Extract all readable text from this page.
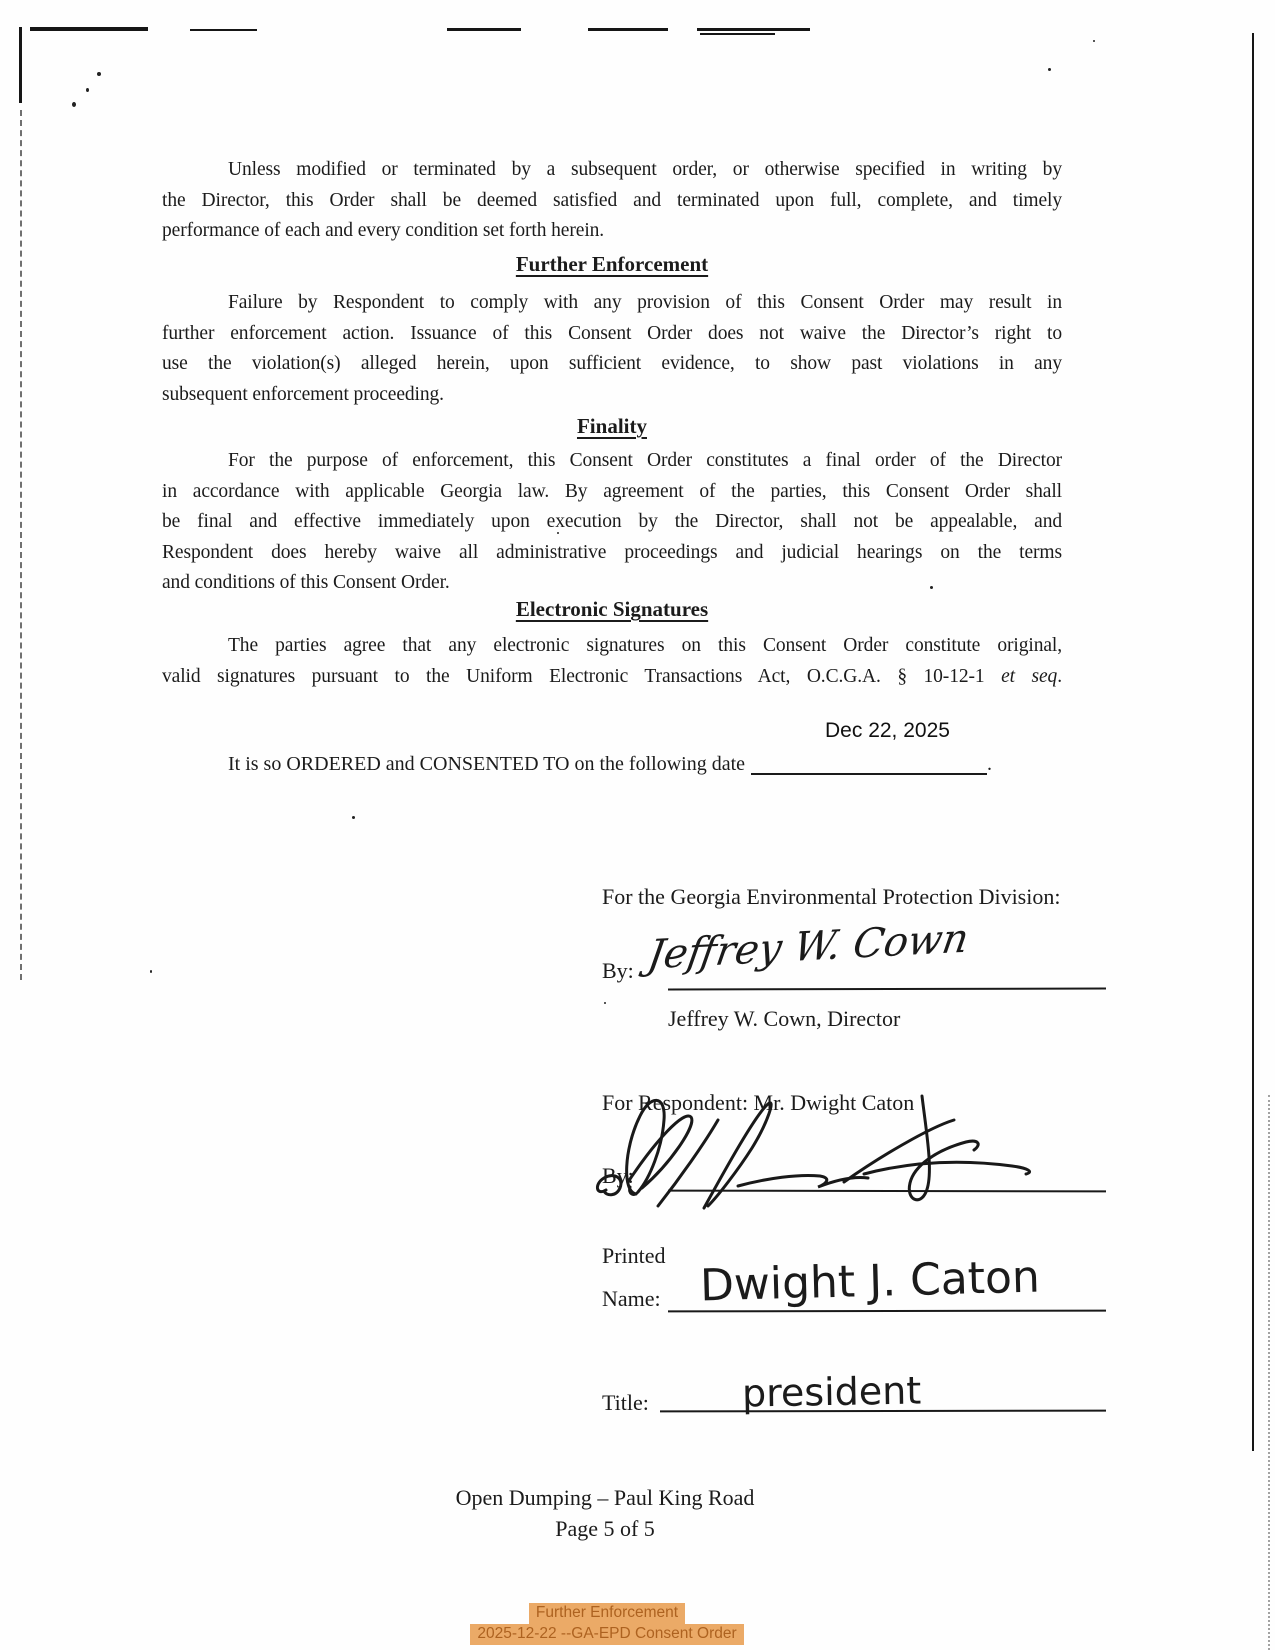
Unless modified or terminated by a subsequent order, or otherwise specified in writing by
the Director, this Order shall be deemed satisfied and terminated upon full, complete, and timely
performance of each and every condition set forth herein.
Further Enforcement
Failure by Respondent to comply with any provision of this Consent Order may result in
further enforcement action. Issuance of this Consent Order does not waive the Director’s right to
use the violation(s) alleged herein, upon sufficient evidence, to show past violations in any
subsequent enforcement proceeding.
Finality
For the purpose of enforcement, this Consent Order constitutes a final order of the Director
in accordance with applicable Georgia law. By agreement of the parties, this Consent Order shall
be final and effective immediately upon execution by the Director, shall not be appealable, and
Respondent does hereby waive all administrative proceedings and judicial hearings on the terms
and conditions of this Consent Order.
Electronic Signatures
The parties agree that any electronic signatures on this Consent Order constitute original,
valid signatures pursuant to the Uniform Electronic Transactions Act, O.C.G.A. § 10-12-1 et seq.
It is so ORDERED and CONSENTED TO on the following date
Dec 22, 2025
.
For the Georgia Environmental Protection Division:
Jeffrey W. Cown
By:
Jeffrey W. Cown, Director
For Respondent: Mr. Dwight Caton
By:
Printed
Name: Dwight J. Caton
Title: president
Open Dumping – Paul King Road
Page 5 of 5
Further Enforcement
2025-12-22 --GA-EPD Consent Order
